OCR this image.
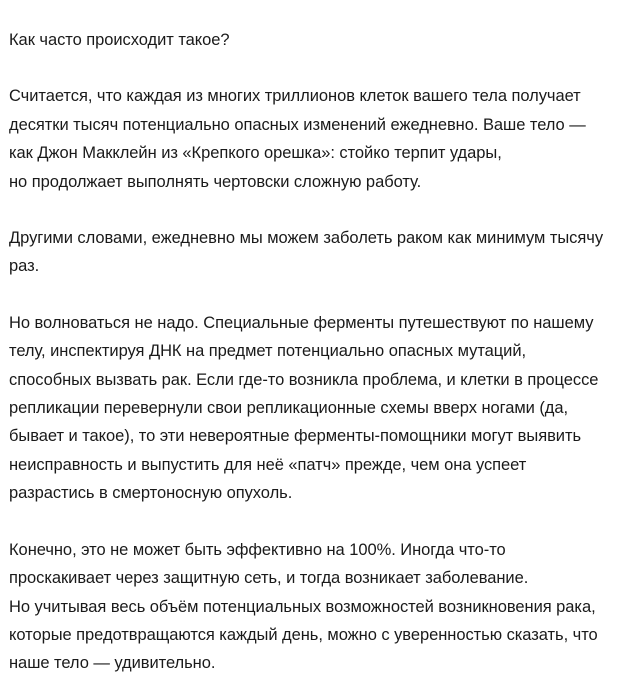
Как часто происходит такое?

Считается, что каждая из многих триллионов клеток вашего тела получает
десятки тысяч потенциально опасных изменений ежедневно. Ваше тело —
как Джон Макклейн из «Крепкого орешка»: стойко терпит удары,
но продолжает выполнять чертовски сложную работу.

Другими словами, ежедневно мы можем заболеть раком как минимум тысячу
раз.

Но волноваться не надо. Специальные ферменты путешествуют по нашему
телу, инспектируя ДНК на предмет потенциально опасных мутаций,
способных вызвать рак. Если где-то возникла проблема, и клетки в процессе
репликации перевернули свои репликационные схемы вверх ногами (да,
бывает и такое), то эти невероятные ферменты-помощники могут выявить
неисправность и выпустить для неё «патч» прежде, чем она успеет
разрастись в смертоносную опухоль.

Конечно, это не может быть эффективно на 100%. Иногда что-то
проскакивает через защитную сеть, и тогда возникает заболевание.
Но учитывая весь объём потенциальных возможностей возникновения рака,
которые предотвращаются каждый день, можно с уверенностью сказать, что
наше тело — удивительно.
